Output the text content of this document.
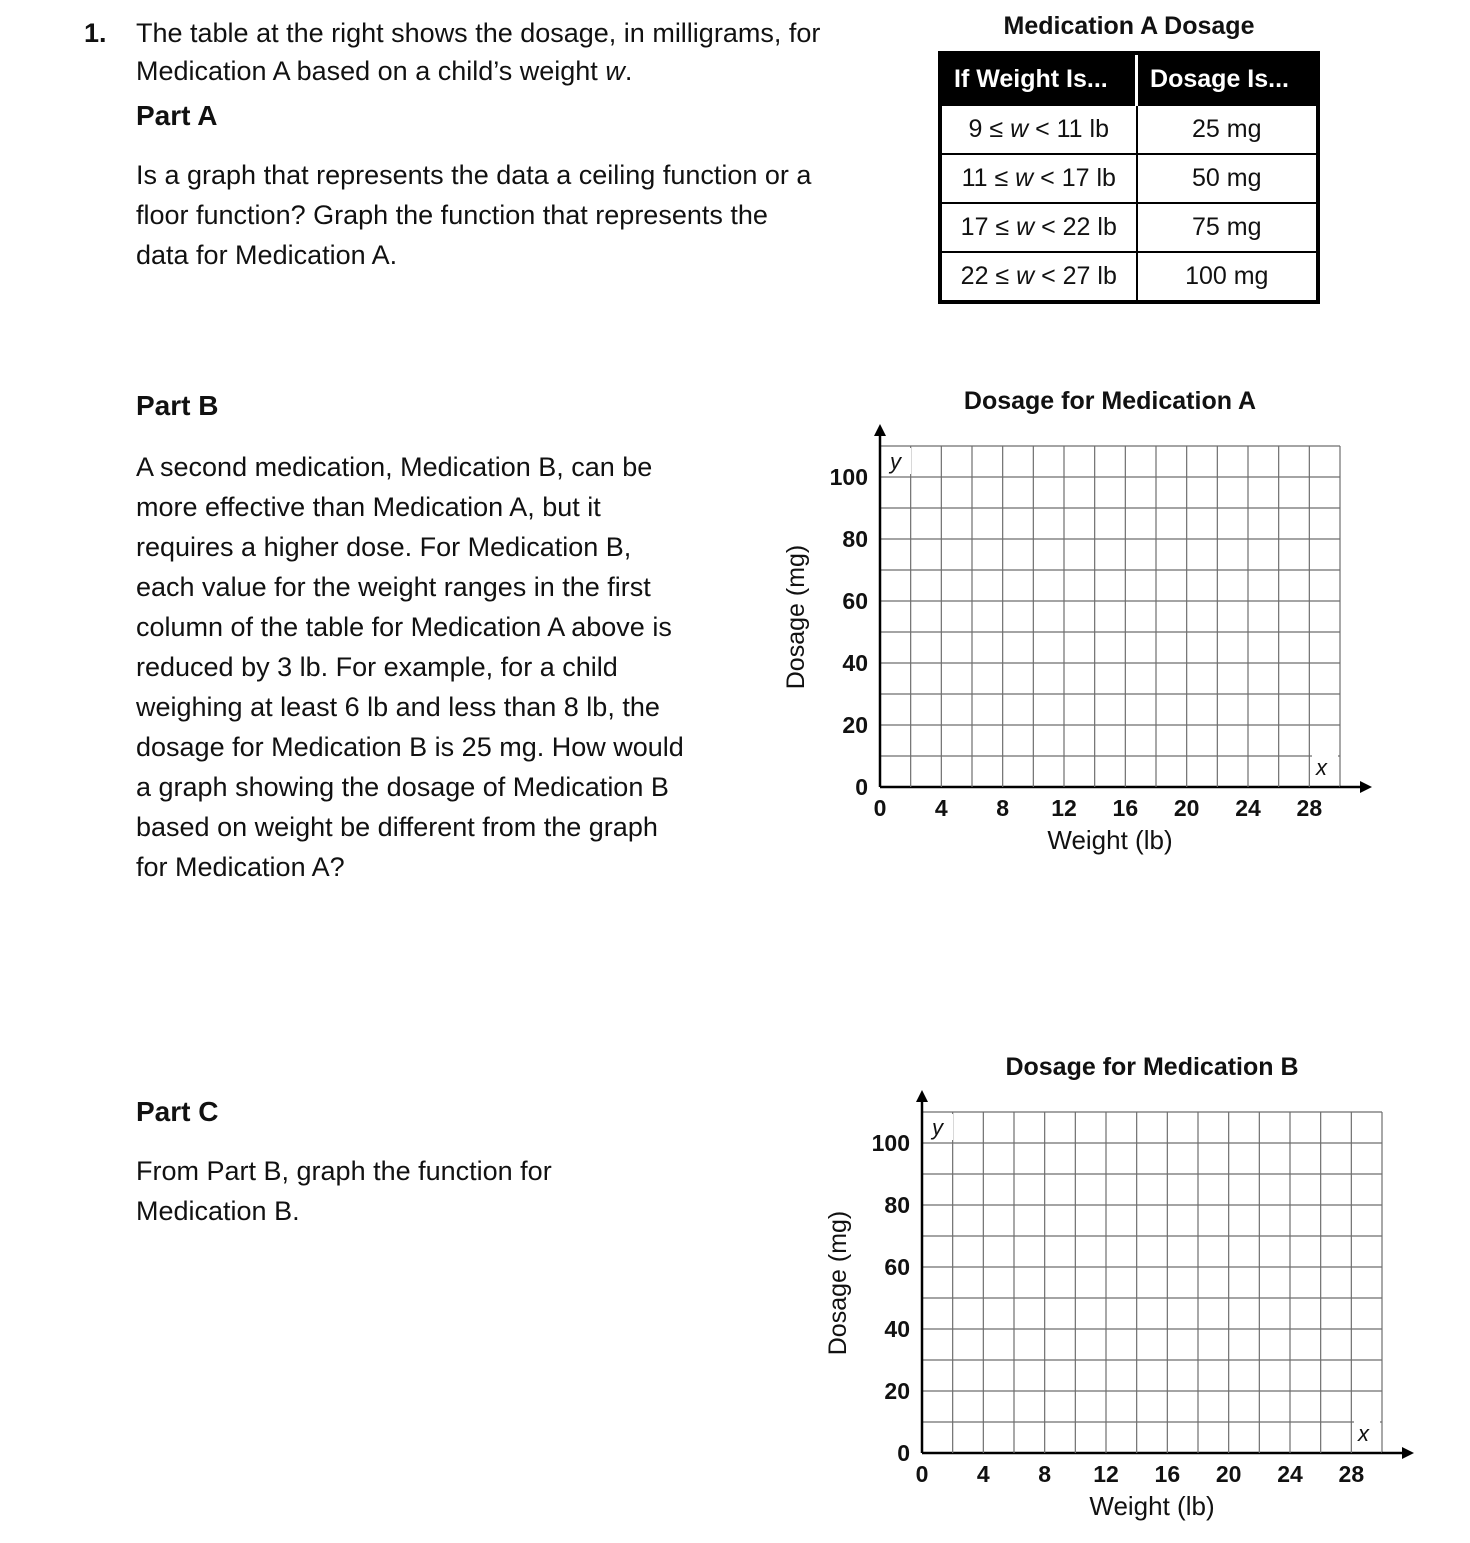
1. The table at the right shows the dosage, in milligrams, for Medication A based on a child’s weight w.
Part A
Is a graph that represents the data a ceiling function or a floor function? Graph the function that represents the data for Medication A.
Part B
A second medication, Medication B, can be more effective than Medication A, but it requires a higher dose. For Medication B, each value for the weight ranges in the first column of the table for Medication A above is reduced by 3 lb. For example, for a child weighing at least 6 lb and less than 8 lb, the dosage for Medication B is 25 mg. How would a graph showing the dosage of Medication B based on weight be different from the graph for Medication A?
Part C
From Part B, graph the function for Medication B.
Medication A Dosage
If Weight Is...	Dosage Is...
9 ≤ w < 11 lb	25 mg
11 ≤ w < 17 lb	50 mg
17 ≤ w < 22 lb	75 mg
22 ≤ w < 27 lb	100 mg
Dosage for Medication A
y
x
0
20
40
60
80
100
0 4 8 12 16 20 24 28
Dosage (mg)
Weight (lb)
Dosage for Medication B
y
x
0
20
40
60
80
100
0 4 8 12 16 20 24 28
Dosage (mg)
Weight (lb)
